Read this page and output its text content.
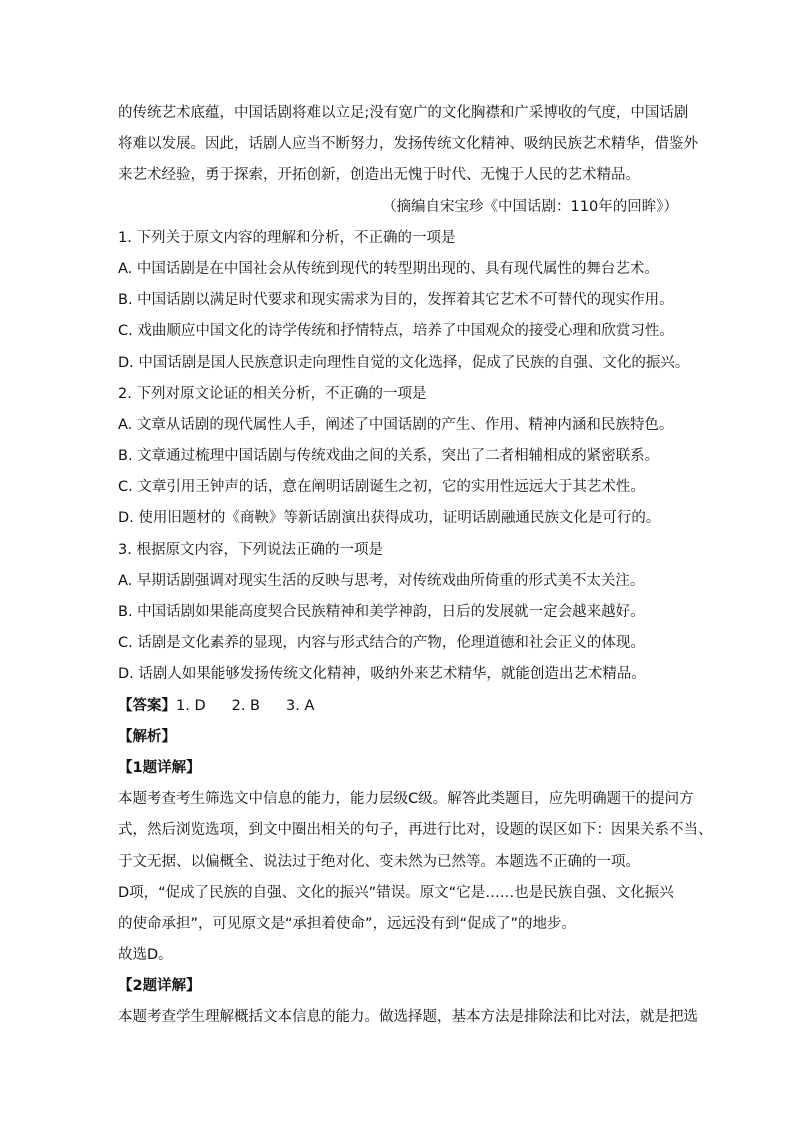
的传统艺术底蕴，中国话剧将难以立足;没有宽广的文化胸襟和广采博收的气度，中国话剧
将难以发展。因此，话剧人应当不断努力，发扬传统文化精神、吸纳民族艺术精华，借鉴外
来艺术经验，勇于探索，开拓创新，创造出无愧于时代、无愧于人民的艺术精品。
（摘编自宋宝珍《中国话剧：110年的回眸》）
1. 下列关于原文内容的理解和分析，不正确的一项是
A. 中国话剧是在中国社会从传统到现代的转型期出现的、具有现代属性的舞台艺术。
B. 中国话剧以满足时代要求和现实需求为目的，发挥着其它艺术不可替代的现实作用。
C. 戏曲顺应中国文化的诗学传统和抒情特点，培养了中国观众的接受心理和欣赏习性。
D. 中国话剧是国人民族意识走向理性自觉的文化选择，促成了民族的自强、文化的振兴。
2. 下列对原文论证的相关分析，不正确的一项是
A. 文章从话剧的现代属性人手，阐述了中国话剧的产生、作用、精神内涵和民族特色。
B. 文章通过梳理中国话剧与传统戏曲之间的关系，突出了二者相辅相成的紧密联系。
C. 文章引用王钟声的话，意在阐明话剧诞生之初，它的实用性远远大于其艺术性。
D. 使用旧题材的《商鞅》等新话剧演出获得成功，证明话剧融通民族文化是可行的。
3. 根据原文内容，下列说法正确的一项是
A. 早期话剧强调对现实生活的反映与思考，对传统戏曲所倚重的形式美不太关注。
B. 中国话剧如果能高度契合民族精神和美学神韵，日后的发展就一定会越来越好。
C. 话剧是文化素养的显现，内容与形式结合的产物，伦理道德和社会正义的体现。
D. 话剧人如果能够发扬传统文化精神，吸纳外来艺术精华，就能创造出艺术精品。
【答案】1. D 2. B 3. A
【解析】
【1题详解】
本题考查考生筛选文中信息的能力，能力层级C级。解答此类题目，应先明确题干的提问方
式，然后浏览选项，到文中圈出相关的句子，再进行比对，设题的误区如下：因果关系不当、
于文无据、以偏概全、说法过于绝对化、变未然为已然等。本题选不正确的一项。
D项，“促成了民族的自强、文化的振兴”错误。原文“它是……也是民族自强、文化振兴
的使命承担”，可见原文是“承担着使命”，远远没有到“促成了”的地步。
故选D。
【2题详解】
本题考查学生理解概括文本信息的能力。做选择题，基本方法是排除法和比对法，就是把选
